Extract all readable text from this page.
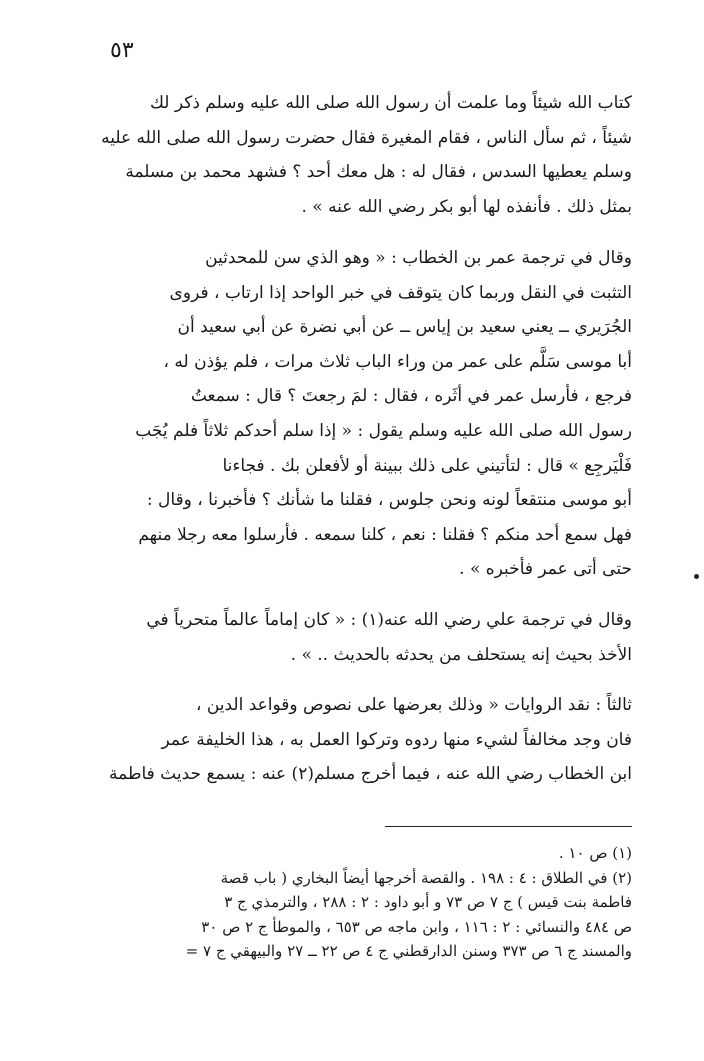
٥٣

كتاب الله شيئاً وما علمت أن رسول الله صلى الله عليه وسلم ذكر لك

شيئاً ، ثم سأل الناس ، فقام المغيرة فقال حضرت رسول الله صلى الله عليه

وسلم يعطيها السدس ، فقال له : هل معك أحد ؟ فشهد محمد بن مسلمة

بمثل ذلك . فأنفذه لها أبو بكر رضي الله عنه » .

وقال في ترجمة عمر بن الخطاب : « وهو الذي سن للمحدثين

التثبت في النقل وربما كان يتوقف في خبر الواحد إذا ارتاب ، فروى

الجُرَيري ــ يعني سعيد بن إياس ــ عن أبي نضرة عن أبي سعيد أن

أبا موسى سَلَّم على عمر من وراء الباب ثلاث مرات ، فلم يؤذن له ،

فرجع ، فأرسل عمر في أثَره ، فقال : لمَ رجعتَ ؟ قال : سمعتُ

رسول الله صلى الله عليه وسلم يقول : « إذا سلم أحدكم ثلاثاً فلم يُجَب

فَلْيَرجِع » قال : لتأتيني على ذلك ببينة أو لأفعلن بك . فجاءنا

أبو موسى منتقعاً لونه ونحن جلوس ، فقلنا ما شأنك ؟ فأخبرنا ، وقال :

فهل سمع أحد منكم ؟ فقلنا : نعم ، كلنا سمعه . فأرسلوا معه رجلا منهم

حتى أتى عمر فأخبره » .

وقال في ترجمة علي رضي الله عنه(١) : « كان إماماً عالماً متحرياً في

الأخذ بحيث إنه يستحلف من يحدثه بالحديث .. » .

ثالثاً : نقد الروايات « وذلك بعرضها على نصوص وقواعد الدين ،

فان وجد مخالفاً لشيء منها ردوه وتركوا العمل به ، هذا الخليفة عمر

ابن الخطاب رضي الله عنه ، فيما أخرج مسلم(٢) عنه : يسمع حديث فاطمة

(١) ص ١٠ .

(٢) في الطلاق : ٤ : ١٩٨ . والقصة أخرجها أيضاً البخاري ( باب قصة

فاطمة بنت قيس ) ج ٧ ص ٧٣ و أبو داود : ٢ : ٢٨٨ ، والترمذي ج ٣

ص ٤٨٤ والنسائي : ٢ : ١١٦ ، وابن ماجه ص ٦٥٣ ، والموطأ ج ٢ ص ٣٠

والمسند ج ٦ ص ٣٧٣ وسنن الدارقطني ج ٤ ص ٢٢ ــ ٢٧ والبيهقي ج ٧ =
